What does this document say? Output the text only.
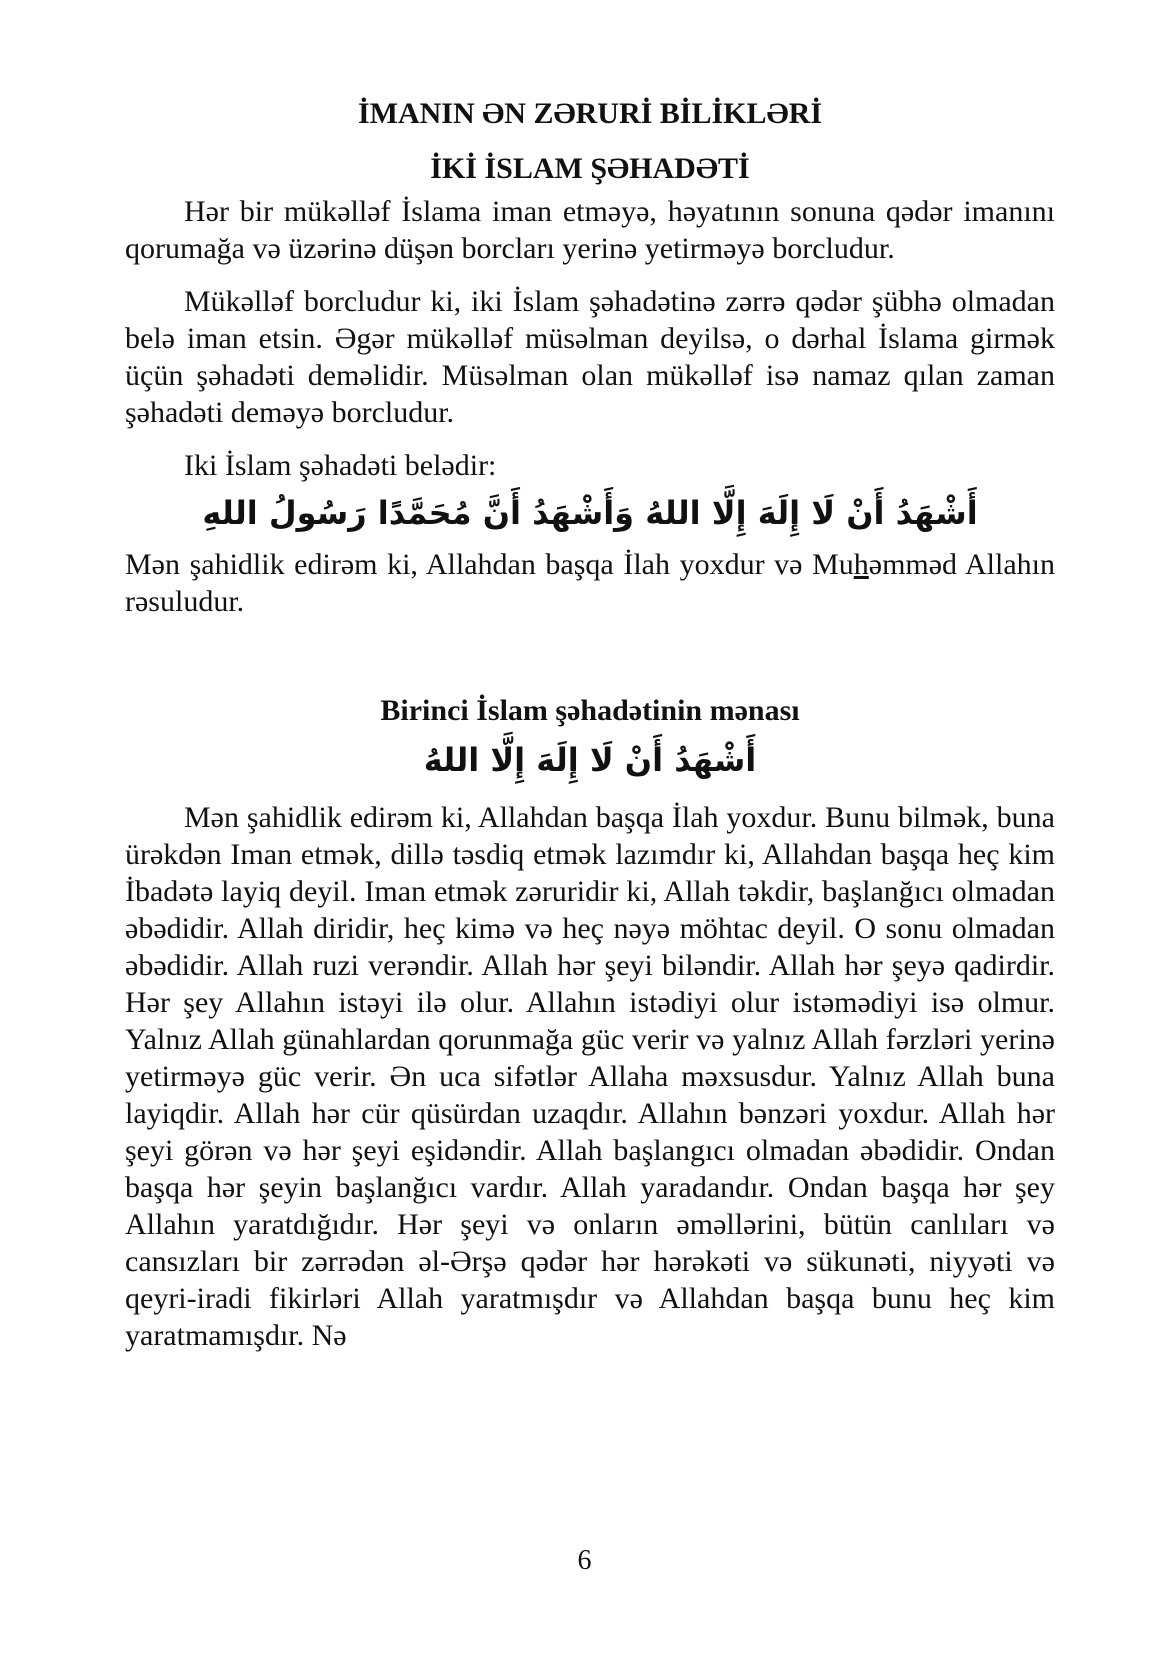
İMANIN ƏN ZƏRURİ BİLİKLƏRİ

İKİ İSLAM ŞƏHADƏTİ

Hər bir mükəlləf İslama iman etməyə, həyatının sonuna qədər imanını qorumağa və üzərinə düşən borcları yerinə yetirməyə borcludur.

Mükəlləf borcludur ki, iki İslam şəhadətinə zərrə qədər şübhə olmadan belə iman etsin. Əgər mükəlləf müsəlman deyilsə, o dərhal İslama girmək üçün şəhadəti deməlidir. Müsəlman olan mükəlləf isə namaz qılan zaman şəhadəti deməyə borcludur.

Iki İslam şəhadəti belədir:

أَشْهَدُ أَنْ لَا إِلَهَ إِلَّا اللهُ وَأَشْهَدُ أَنَّ مُحَمَّدًا رَسُولُ اللهِ

Mən şahidlik edirəm ki, Allahdan başqa İlah yoxdur və Muhəmməd Allahın rəsuludur.

Birinci İslam şəhadətinin mənası

أَشْهَدُ أَنْ لَا إِلَهَ إِلَّا اللهُ

Mən şahidlik edirəm ki, Allahdan başqa İlah yoxdur. Bunu bilmək, buna ürəkdən Iman etmək, dillə təsdiq etmək lazımdır ki, Allahdan başqa heç kim İbadətə layiq deyil. Iman etmək zəruridir ki, Allah təkdir, başlanğıcı olmadan əbədidir. Allah diridir, heç kimə və heç nəyə möhtac deyil. O sonu olmadan əbədidir. Allah ruzi verəndir. Allah hər şeyi biləndir. Allah hər şeyə qadirdir. Hər şey Allahın istəyi ilə olur. Allahın istədiyi olur istəmədiyi isə olmur. Yalnız Allah günahlardan qorunmağa güc verir və yalnız Allah fərzləri yerinə yetirməyə güc verir. Ən uca sifətlər Allaha məxsusdur. Yalnız Allah buna layiqdir. Allah hər cür qüsürdan uzaqdır. Allahın bənzəri yoxdur. Allah hər şeyi görən və hər şeyi eşidəndir. Allah başlangıcı olmadan əbədidir. Ondan başqa hər şeyin başlanğıcı vardır. Allah yaradandır. Ondan başqa hər şey Allahın yaratdığıdır. Hər şeyi və onların əməllərini, bütün canlıları və cansızları bir zərrədən əl-Ərşə qədər hər hərəkəti və sükunəti, niyyəti və qeyri-iradi fikirləri Allah yaratmışdır və Allahdan başqa bunu heç kim yaratmamışdır. Nə

6
